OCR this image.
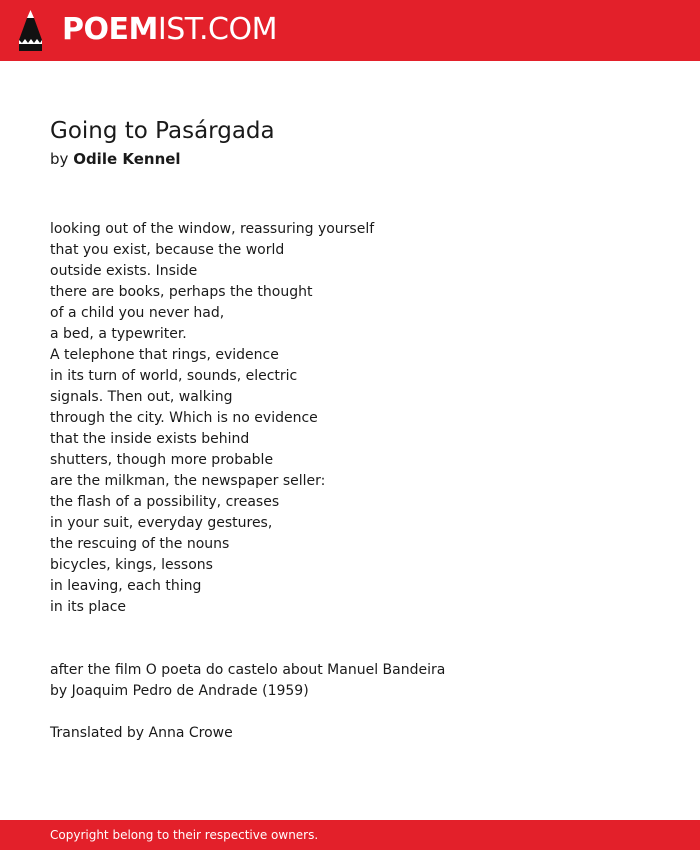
POEMIST.COM
Going to Pasárgada
by Odile Kennel
looking out of the window, reassuring yourself
that you exist, because the world
outside exists. Inside
there are books, perhaps the thought
of a child you never had,
a bed, a typewriter.
A telephone that rings, evidence
in its turn of world, sounds, electric
signals. Then out, walking
through the city. Which is no evidence
that the inside exists behind
shutters, though more probable
are the milkman, the newspaper seller:
the flash of a possibility, creases
in your suit, everyday gestures,
the rescuing of the nouns
bicycles, kings, lessons
in leaving, each thing
in its place
after the film O poeta do castelo about Manuel Bandeira
by Joaquim Pedro de Andrade (1959)
Translated by Anna Crowe
Copyright belong to their respective owners.
